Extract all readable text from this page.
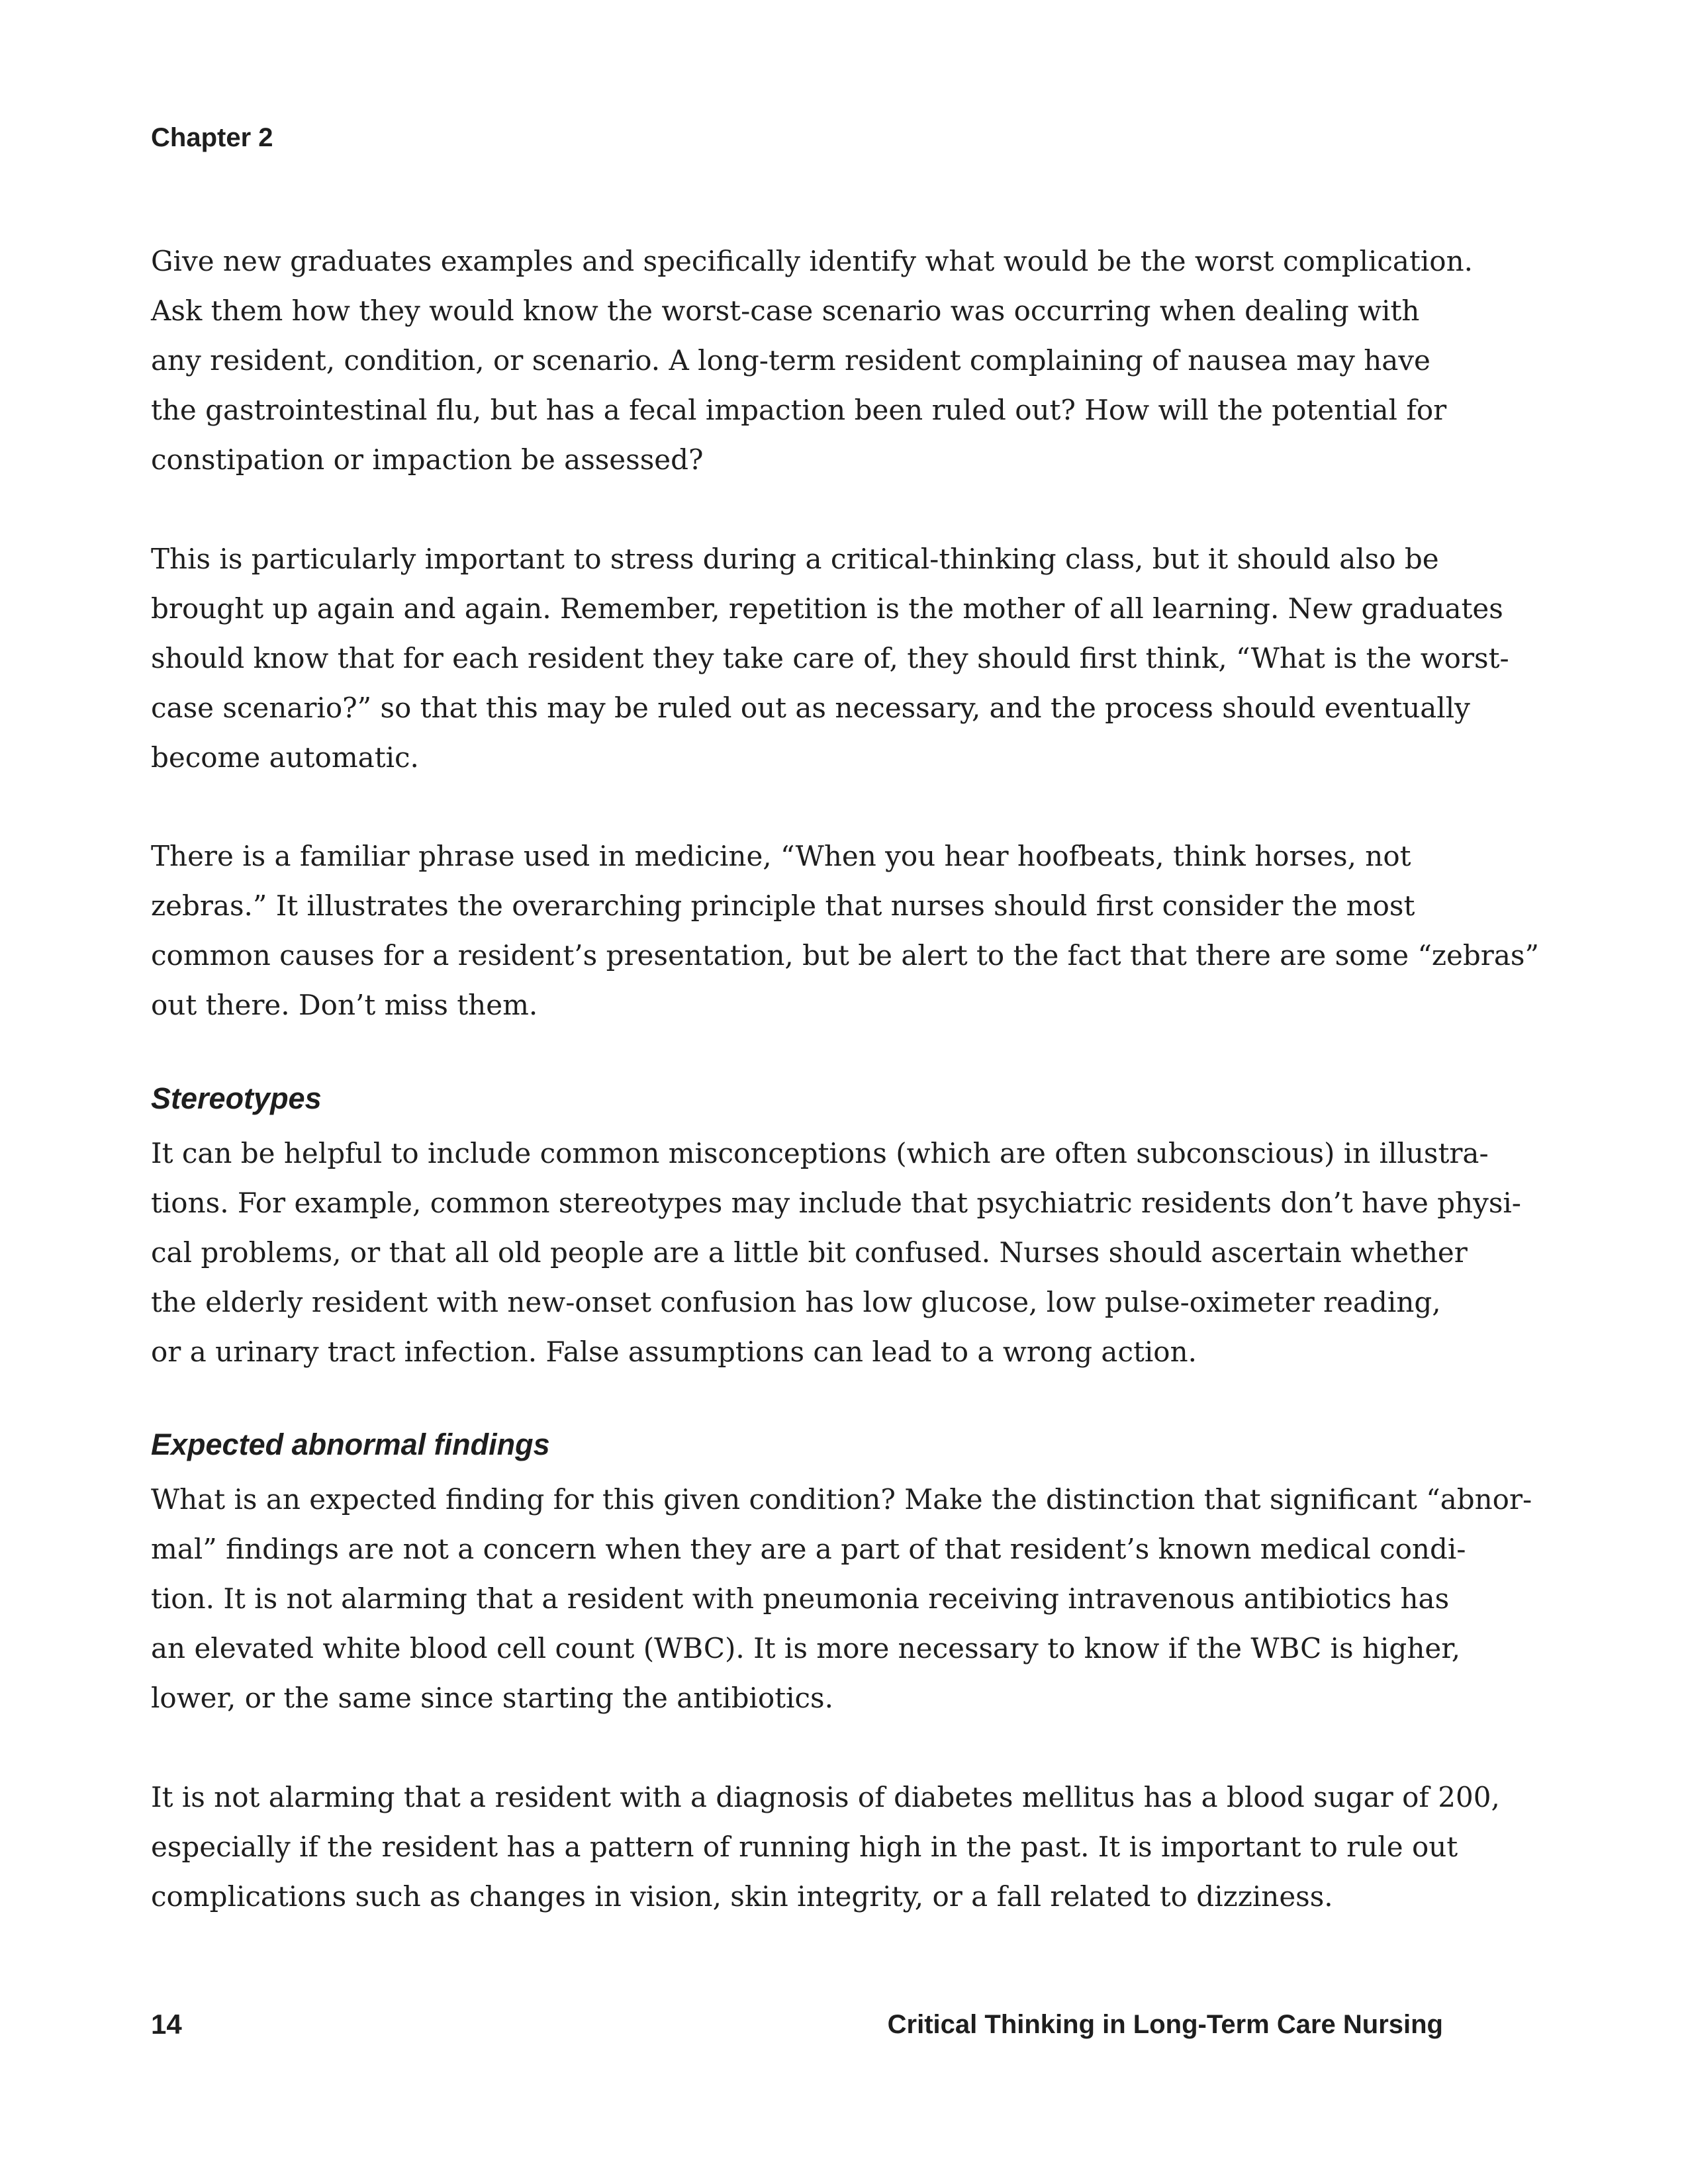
Chapter 2

Give new graduates examples and specifically identify what would be the worst complication.
Ask them how they would know the worst-case scenario was occurring when dealing with
any resident, condition, or scenario. A long-term resident complaining of nausea may have
the gastrointestinal flu, but has a fecal impaction been ruled out? How will the potential for
constipation or impaction be assessed?

This is particularly important to stress during a critical-thinking class, but it should also be
brought up again and again. Remember, repetition is the mother of all learning. New graduates
should know that for each resident they take care of, they should first think, “What is the worst-
case scenario?” so that this may be ruled out as necessary, and the process should eventually
become automatic.

There is a familiar phrase used in medicine, “When you hear hoofbeats, think horses, not
zebras.” It illustrates the overarching principle that nurses should first consider the most
common causes for a resident’s presentation, but be alert to the fact that there are some “zebras”
out there. Don’t miss them.

Stereotypes

It can be helpful to include common misconceptions (which are often subconscious) in illustra-
tions. For example, common stereotypes may include that psychiatric residents don’t have physi-
cal problems, or that all old people are a little bit confused. Nurses should ascertain whether
the elderly resident with new-onset confusion has low glucose, low pulse-oximeter reading,
or a urinary tract infection. False assumptions can lead to a wrong action.

Expected abnormal findings

What is an expected finding for this given condition? Make the distinction that significant “abnor-
mal” findings are not a concern when they are a part of that resident’s known medical condi-
tion. It is not alarming that a resident with pneumonia receiving intravenous antibiotics has
an elevated white blood cell count (WBC). It is more necessary to know if the WBC is higher,
lower, or the same since starting the antibiotics.

It is not alarming that a resident with a diagnosis of diabetes mellitus has a blood sugar of 200,
especially if the resident has a pattern of running high in the past. It is important to rule out
complications such as changes in vision, skin integrity, or a fall related to dizziness.

14	Critical Thinking in Long-Term Care Nursing
